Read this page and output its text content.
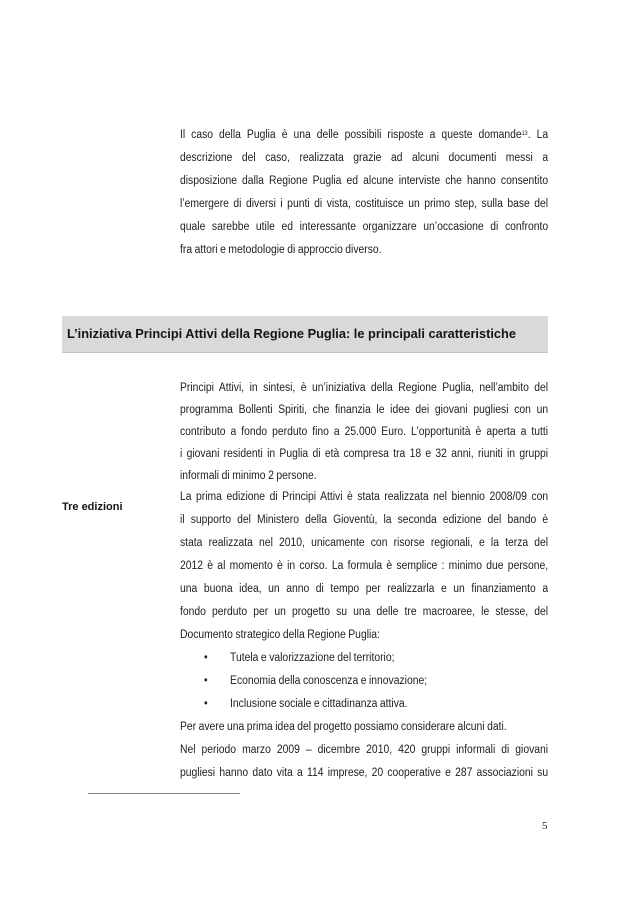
Il caso della Puglia è una delle possibili risposte a queste domande$^{13}$. La
descrizione del caso, realizzata grazie ad alcuni documenti messi a
disposizione dalla Regione Puglia ed alcune interviste che hanno consentito
l’emergere di diversi i punti di vista, costituisce un primo step, sulla base del
quale sarebbe utile ed interessante organizzare un’occasione di confronto
fra attori e metodologie di approccio diverso.
L’iniziativa Principi Attivi della Regione Puglia: le principali caratteristiche
Principi Attivi, in sintesi, è un’iniziativa della Regione Puglia, nell’ambito del
programma Bollenti Spiriti, che finanzia le idee dei giovani pugliesi con un
contributo a fondo perduto fino a 25.000 Euro. L'opportunità è aperta a tutti
i giovani residenti in Puglia di età compresa tra 18 e 32 anni, riuniti in gruppi
informali di minimo 2 persone.
Tre edizioni
La prima edizione di Principi Attivi è stata realizzata nel biennio 2008/09 con
il supporto del Ministero della Gioventù, la seconda edizione del bando è
stata realizzata nel 2010, unicamente con risorse regionali, e la terza del
2012 è al momento è in corso. La formula è semplice : minimo due persone,
una buona idea, un anno di tempo per realizzarla e un finanziamento a
fondo perduto per un progetto su una delle tre macroaree, le stesse, del
Documento strategico della Regione Puglia:
• Tutela e valorizzazione del territorio;
• Economia della conoscenza e innovazione;
• Inclusione sociale e cittadinanza attiva.
Per avere una prima idea del progetto possiamo considerare alcuni dati.
Nel periodo marzo 2009 – dicembre 2010, 420 gruppi informali di giovani
pugliesi hanno dato vita a 114 imprese, 20 cooperative e 287 associazioni su
5
